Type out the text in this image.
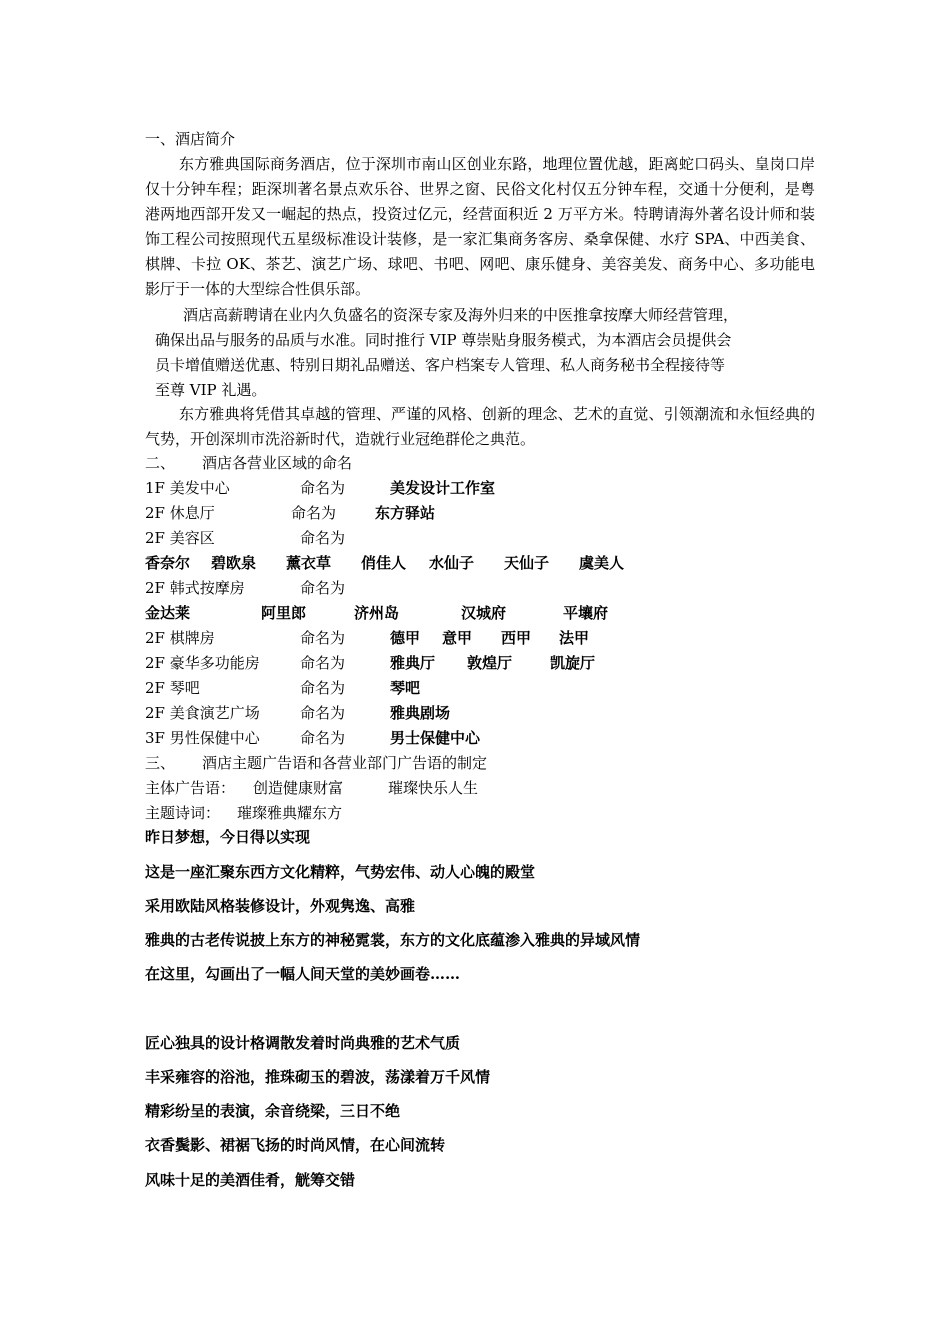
一、酒店简介
东方雅典国际商务酒店，位于深圳市南山区创业东路，地理位置优越，距离蛇口码头、皇岗口岸仅十分钟车程；距深圳著名景点欢乐谷、世界之窗、民俗文化村仅五分钟车程，交通十分便利，是粤港两地西部开发又一崛起的热点，投资过亿元，经营面积近 2 万平方米。特聘请海外著名设计师和装饰工程公司按照现代五星级标准设计装修，是一家汇集商务客房、桑拿保健、水疗 SPA、中西美食、棋牌、卡拉 OK、茶艺、演艺广场、球吧、书吧、网吧、康乐健身、美容美发、商务中心、多功能电影厅于一体的大型综合性俱乐部。
酒店高薪聘请在业内久负盛名的资深专家及海外归来的中医推拿按摩大师经营管理，
确保出品与服务的品质与水准。同时推行 VIP 尊崇贴身服务模式，为本酒店会员提供会
员卡增值赠送优惠、特别日期礼品赠送、客户档案专人管理、私人商务秘书全程接待等
至尊 VIP 礼遇。
东方雅典将凭借其卓越的管理、严谨的风格、创新的理念、艺术的直觉、引领潮流和永恒经典的气势，开创深圳市洗浴新时代，造就行业冠绝群伦之典范。
二、 酒店各营业区域的命名
1F 美发中心	命名为	美发设计工作室
2F 休息厅	命名为	东方驿站
2F 美容区	命名为
香奈尔 碧欧泉 薰衣草 俏佳人 水仙子 天仙子 虞美人
2F 韩式按摩房	命名为
金达莱	阿里郎	济州岛	汉城府	平壤府
2F 棋牌房	命名为	德甲 意甲 西甲 法甲
2F 豪华多功能房	命名为	雅典厅 敦煌厅	凯旋厅
2F 琴吧	命名为	琴吧
2F 美食演艺广场	命名为	雅典剧场
3F 男性保健中心	命名为	男士保健中心
三、 酒店主题广告语和各营业部门广告语的制定
主体广告语： 创造健康财富	璀璨快乐人生
主题诗词： 璀璨雅典耀东方
昨日梦想，今日得以实现
这是一座汇聚东西方文化精粹，气势宏伟、动人心魄的殿堂
采用欧陆风格装修设计，外观隽逸、高雅
雅典的古老传说披上东方的神秘霓裳，东方的文化底蕴渗入雅典的异域风情
在这里，勾画出了一幅人间天堂的美妙画卷……
匠心独具的设计格调散发着时尚典雅的艺术气质
丰采雍容的浴池，推珠砌玉的碧波，荡漾着万千风情
精彩纷呈的表演，余音绕梁，三日不绝
衣香鬓影、裙裾飞扬的时尚风情，在心间流转
风味十足的美酒佳肴，觥筹交错
